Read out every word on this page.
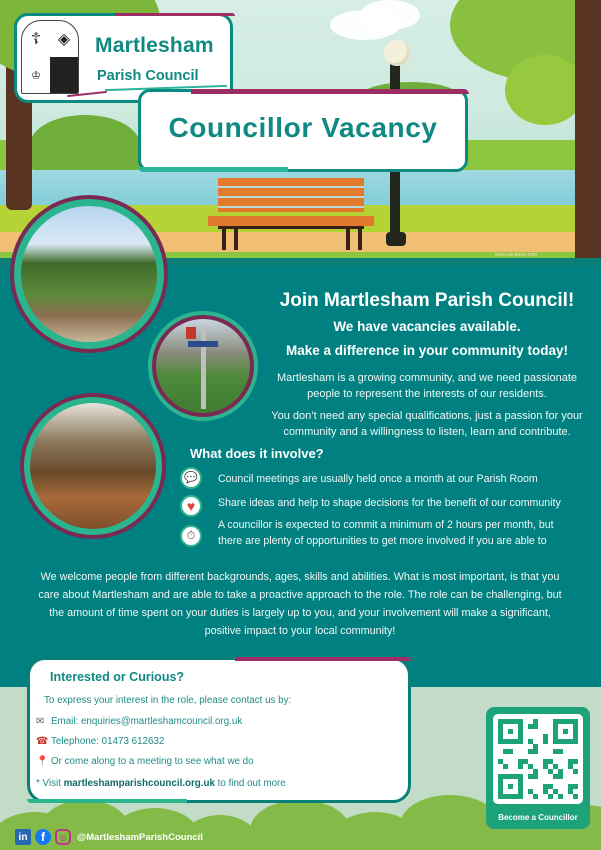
www.vecteezy.com
☦	◈
♔
Martlesham
Parish Council
Councillor Vacancy
Join Martlesham Parish Council!
We have vacancies available.
Make a difference in your community today!

Martlesham is a growing community, and we need passionate people to represent the interests of our residents.

You don’t need any special qualifications, just a passion for your community and a willingness to listen, learn and contribute.

What does it involve?
💬	Council meetings are usually held once a month at our Parish Room
♥	Share ideas and help to shape decisions for the benefit of our community
⏱
A councillor is expected to commit a minimum of 2 hours per month, but there are plenty of opportunities to get more involved if you are able to
We welcome people from different backgrounds, ages, skills and abilities. What is most important, is that you care about Martlesham and are able to take a proactive approach to the role. The role can be challenging, but the amount of time spent on your duties is largely up to you, and your involvement will make a significant, positive impact to your local community!
Interested or Curious?
To express your interest in the role, please contact us by:
✉ Email: enquiries@martleshamcouncil.org.uk
☎ Telephone: 01473 612632
📍 Or come along to a meeting to see what we do
* Visit martleshamparishcouncil.org.uk to find out more
Become a Councillor
in	f	◎	@MartleshamParishCouncil
